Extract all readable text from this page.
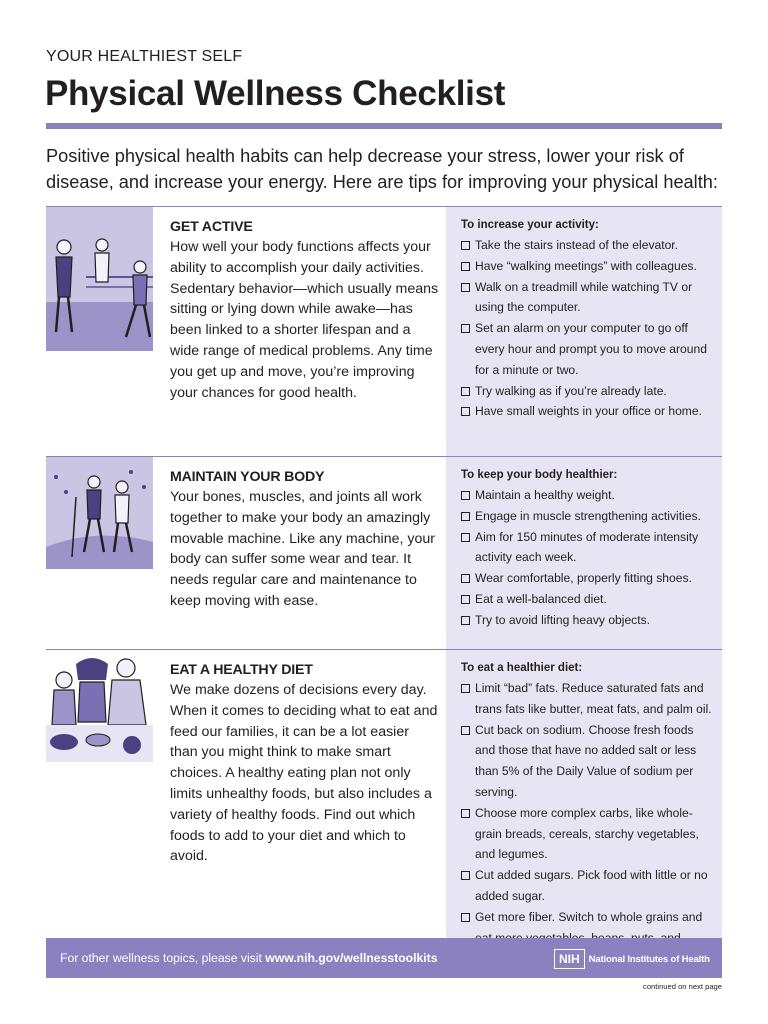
YOUR HEALTHIEST SELF
Physical Wellness Checklist

Positive physical health habits can help decrease your stress, lower your risk of disease, and increase your energy. Here are tips for improving your physical health:

GET ACTIVE

How well your body functions affects your ability to accomplish your daily activities. Sedentary behavior—which usually means sitting or lying down while awake—has been linked to a shorter lifespan and a wide range of medical problems. Any time you get up and move, you’re improving your chances for good health.

To increase your activity:
Take the stairs instead of the elevator.
Have “walking meetings” with colleagues.
Walk on a treadmill while watching TV or using the computer.
Set an alarm on your computer to go off every hour and prompt you to move around for a minute or two.
Try walking as if you’re already late.
Have small weights in your office or home.
MAINTAIN YOUR BODY

Your bones, muscles, and joints all work together to make your body an amazingly movable machine. Like any machine, your body can suffer some wear and tear. It needs regular care and maintenance to keep moving with ease.

To keep your body healthier:
Maintain a healthy weight.
Engage in muscle strengthening activities.
Aim for 150 minutes of moderate intensity activity each week.
Wear comfortable, properly fitting shoes.
Eat a well-balanced diet.
Try to avoid lifting heavy objects.
EAT A HEALTHY DIET

We make dozens of decisions every day. When it comes to deciding what to eat and feed our families, it can be a lot easier than you might think to make smart choices. A healthy eating plan not only limits unhealthy foods, but also includes a variety of healthy foods. Find out which foods to add to your diet and which to avoid.

To eat a healthier diet:
Limit “bad” fats. Reduce saturated fats and trans fats like butter, meat fats, and palm oil.
Cut back on sodium. Choose fresh foods and those that have no added salt or less than 5% of the Daily Value of sodium per serving.
Choose more complex carbs, like whole-grain breads, cereals, starchy vegetables, and legumes.
Cut added sugars. Pick food with little or no added sugar.
Get more fiber. Switch to whole grains and
For other wellness topics, please visit www.nih.gov/wellnesstoolkits	NIH National Institutes of Health
continued on next page
